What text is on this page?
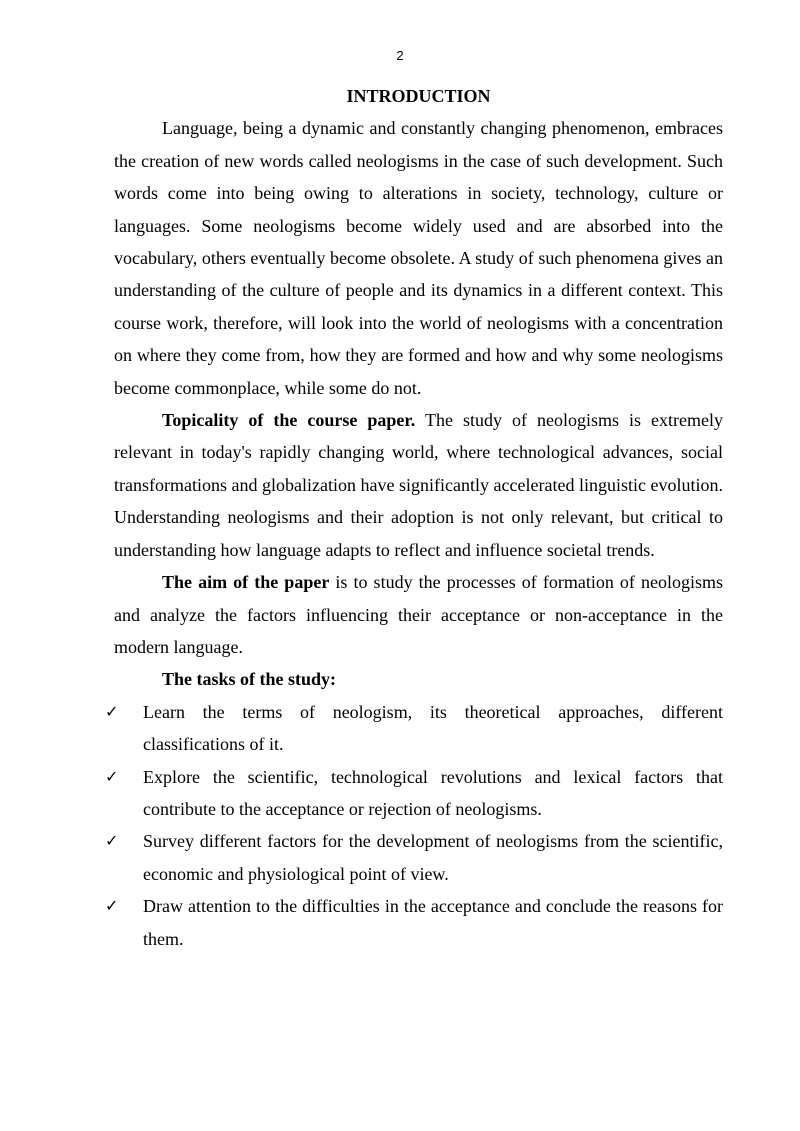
2
INTRODUCTION

Language, being a dynamic and constantly changing phenomenon, embraces the creation of new words called neologisms in the case of such development. Such words come into being owing to alterations in society, technology, culture or languages. Some neologisms become widely used and are absorbed into the vocabulary, others eventually become obsolete. A study of such phenomena gives an understanding of the culture of people and its dynamics in a different context. This course work, therefore, will look into the world of neologisms with a concentration on where they come from, how they are formed and how and why some neologisms become commonplace, while some do not.

Topicality of the course paper. The study of neologisms is extremely relevant in today's rapidly changing world, where technological advances, social transformations and globalization have significantly accelerated linguistic evolution. Understanding neologisms and their adoption is not only relevant, but critical to understanding how language adapts to reflect and influence societal trends.

The aim of the paper is to study the processes of formation of neologisms and analyze the factors influencing their acceptance or non-acceptance in the modern language.

The tasks of the study:

✓ Learn the terms of neologism, its theoretical approaches, different classifications of it.
✓ Explore the scientific, technological revolutions and lexical factors that contribute to the acceptance or rejection of neologisms.
✓ Survey different factors for the development of neologisms from the scientific, economic and physiological point of view.
✓ Draw attention to the difficulties in the acceptance and conclude the reasons for them.
